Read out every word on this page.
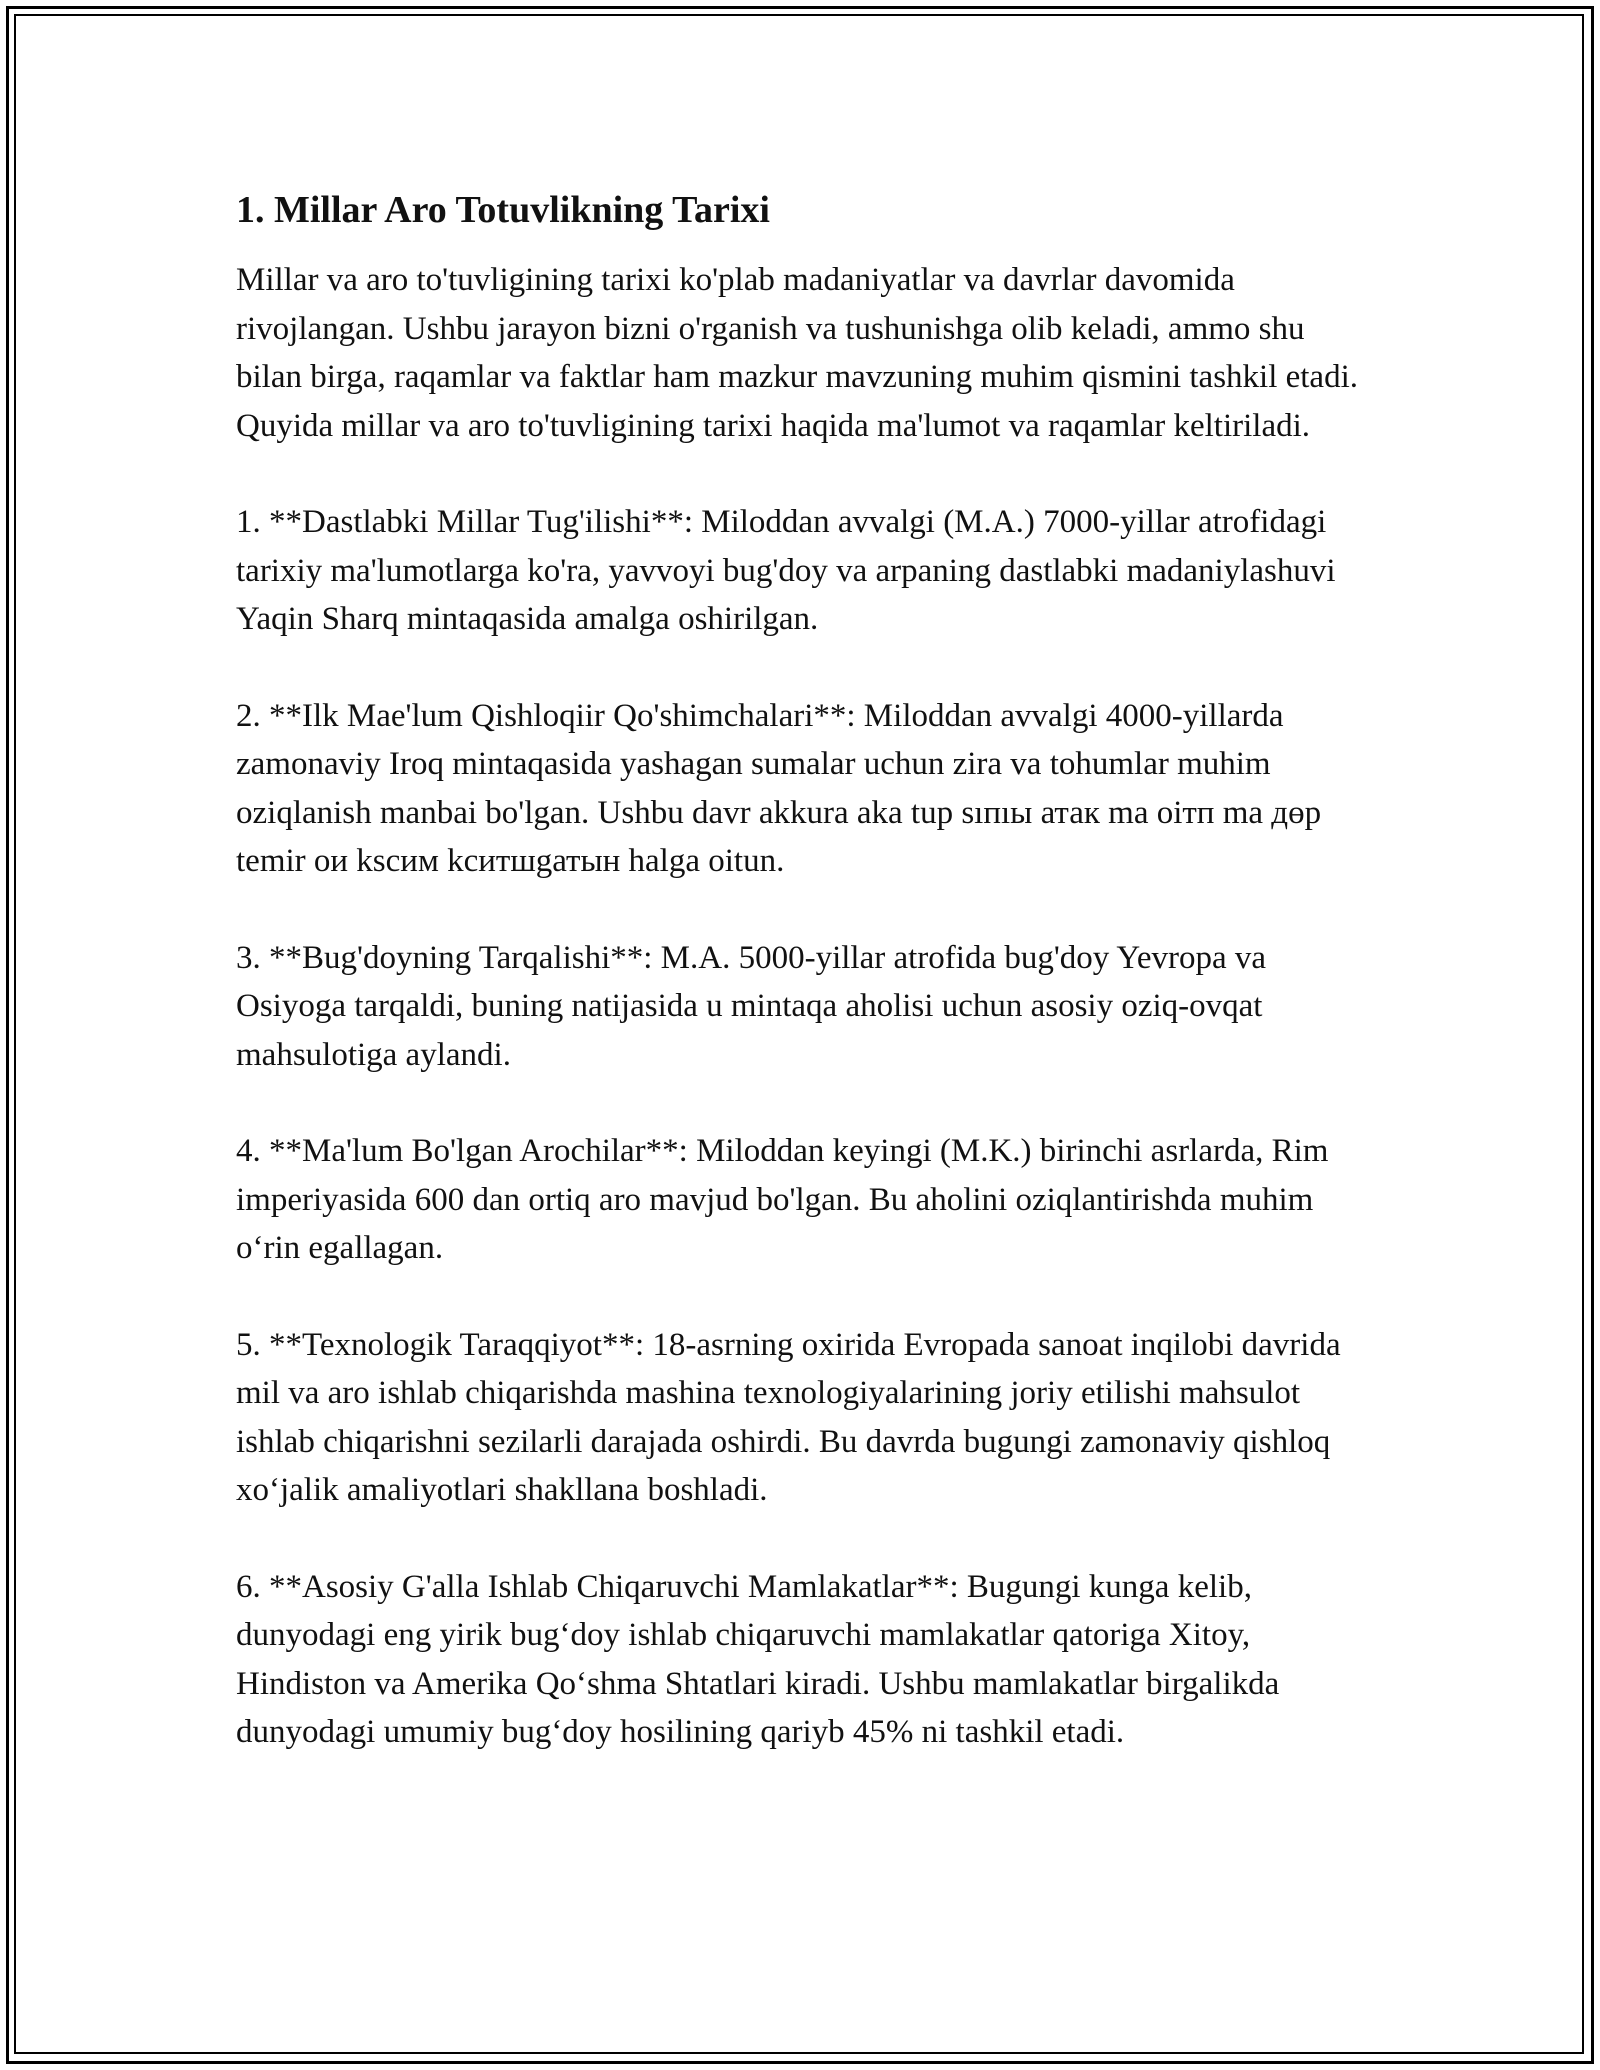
1. Millar Aro Totuvlikning Tarixi

Millar va aro to'tuvligining tarixi ko'plab madaniyatlar va davrlar davomida rivojlangan. Ushbu jarayon bizni o'rganish va tushunishga olib keladi, ammo shu bilan birga, raqamlar va faktlar ham mazkur mavzuning muhim qismini tashkil etadi. Quyida millar va aro to'tuvligining tarixi haqida ma'lumot va raqamlar keltiriladi.

1. **Dastlabki Millar Tug'ilishi**: Miloddan avvalgi (M.A.) 7000-yillar atrofidagi tarixiy ma'lumotlarga ko'ra, yavvoyi bug'doy va arpaning dastlabki madaniylashuvi Yaqin Sharq mintaqasida amalga oshirilgan.

2. **Ilk Mae'lum Qishloqiir Qo'shimchalari**: Miloddan avvalgi 4000-yillarda zamonaviy Iroq mintaqasida yashagan sumalar uchun zira va tohumlar muhim oziqlanish manbai bo'lgan. Ushbu davr akkura aka tup sıпıы атак ma оітп ma дөр temir ои kscим kситшgатын halga oitun.

3. **Bug'doyning Tarqalishi**: M.A. 5000-yillar atrofida bug'doy Yevropa va Osiyoga tarqaldi, buning natijasida u mintaqa aholisi uchun asosiy oziq-ovqat mahsulotiga aylandi.

4. **Ma'lum Bo'lgan Arochilar**: Miloddan keyingi (M.K.) birinchi asrlarda, Rim imperiyasida 600 dan ortiq aro mavjud bo'lgan. Bu aholini oziqlantirishda muhim o‘rin egallagan.

5. **Texnologik Taraqqiyot**: 18-asrning oxirida Evropada sanoat inqilobi davrida mil va aro ishlab chiqarishda mashina texnologiyalarining joriy etilishi mahsulot ishlab chiqarishni sezilarli darajada oshirdi. Bu davrda bugungi zamonaviy qishloq xo‘jalik amaliyotlari shakllana boshladi.

6. **Asosiy G'alla Ishlab Chiqaruvchi Mamlakatlar**: Bugungi kunga kelib, dunyodagi eng yirik bug‘doy ishlab chiqaruvchi mamlakatlar qatoriga Xitoy, Hindiston va Amerika Qo‘shma Shtatlari kiradi. Ushbu mamlakatlar birgalikda dunyodagi umumiy bug‘doy hosilining qariyb 45% ni tashkil etadi.
